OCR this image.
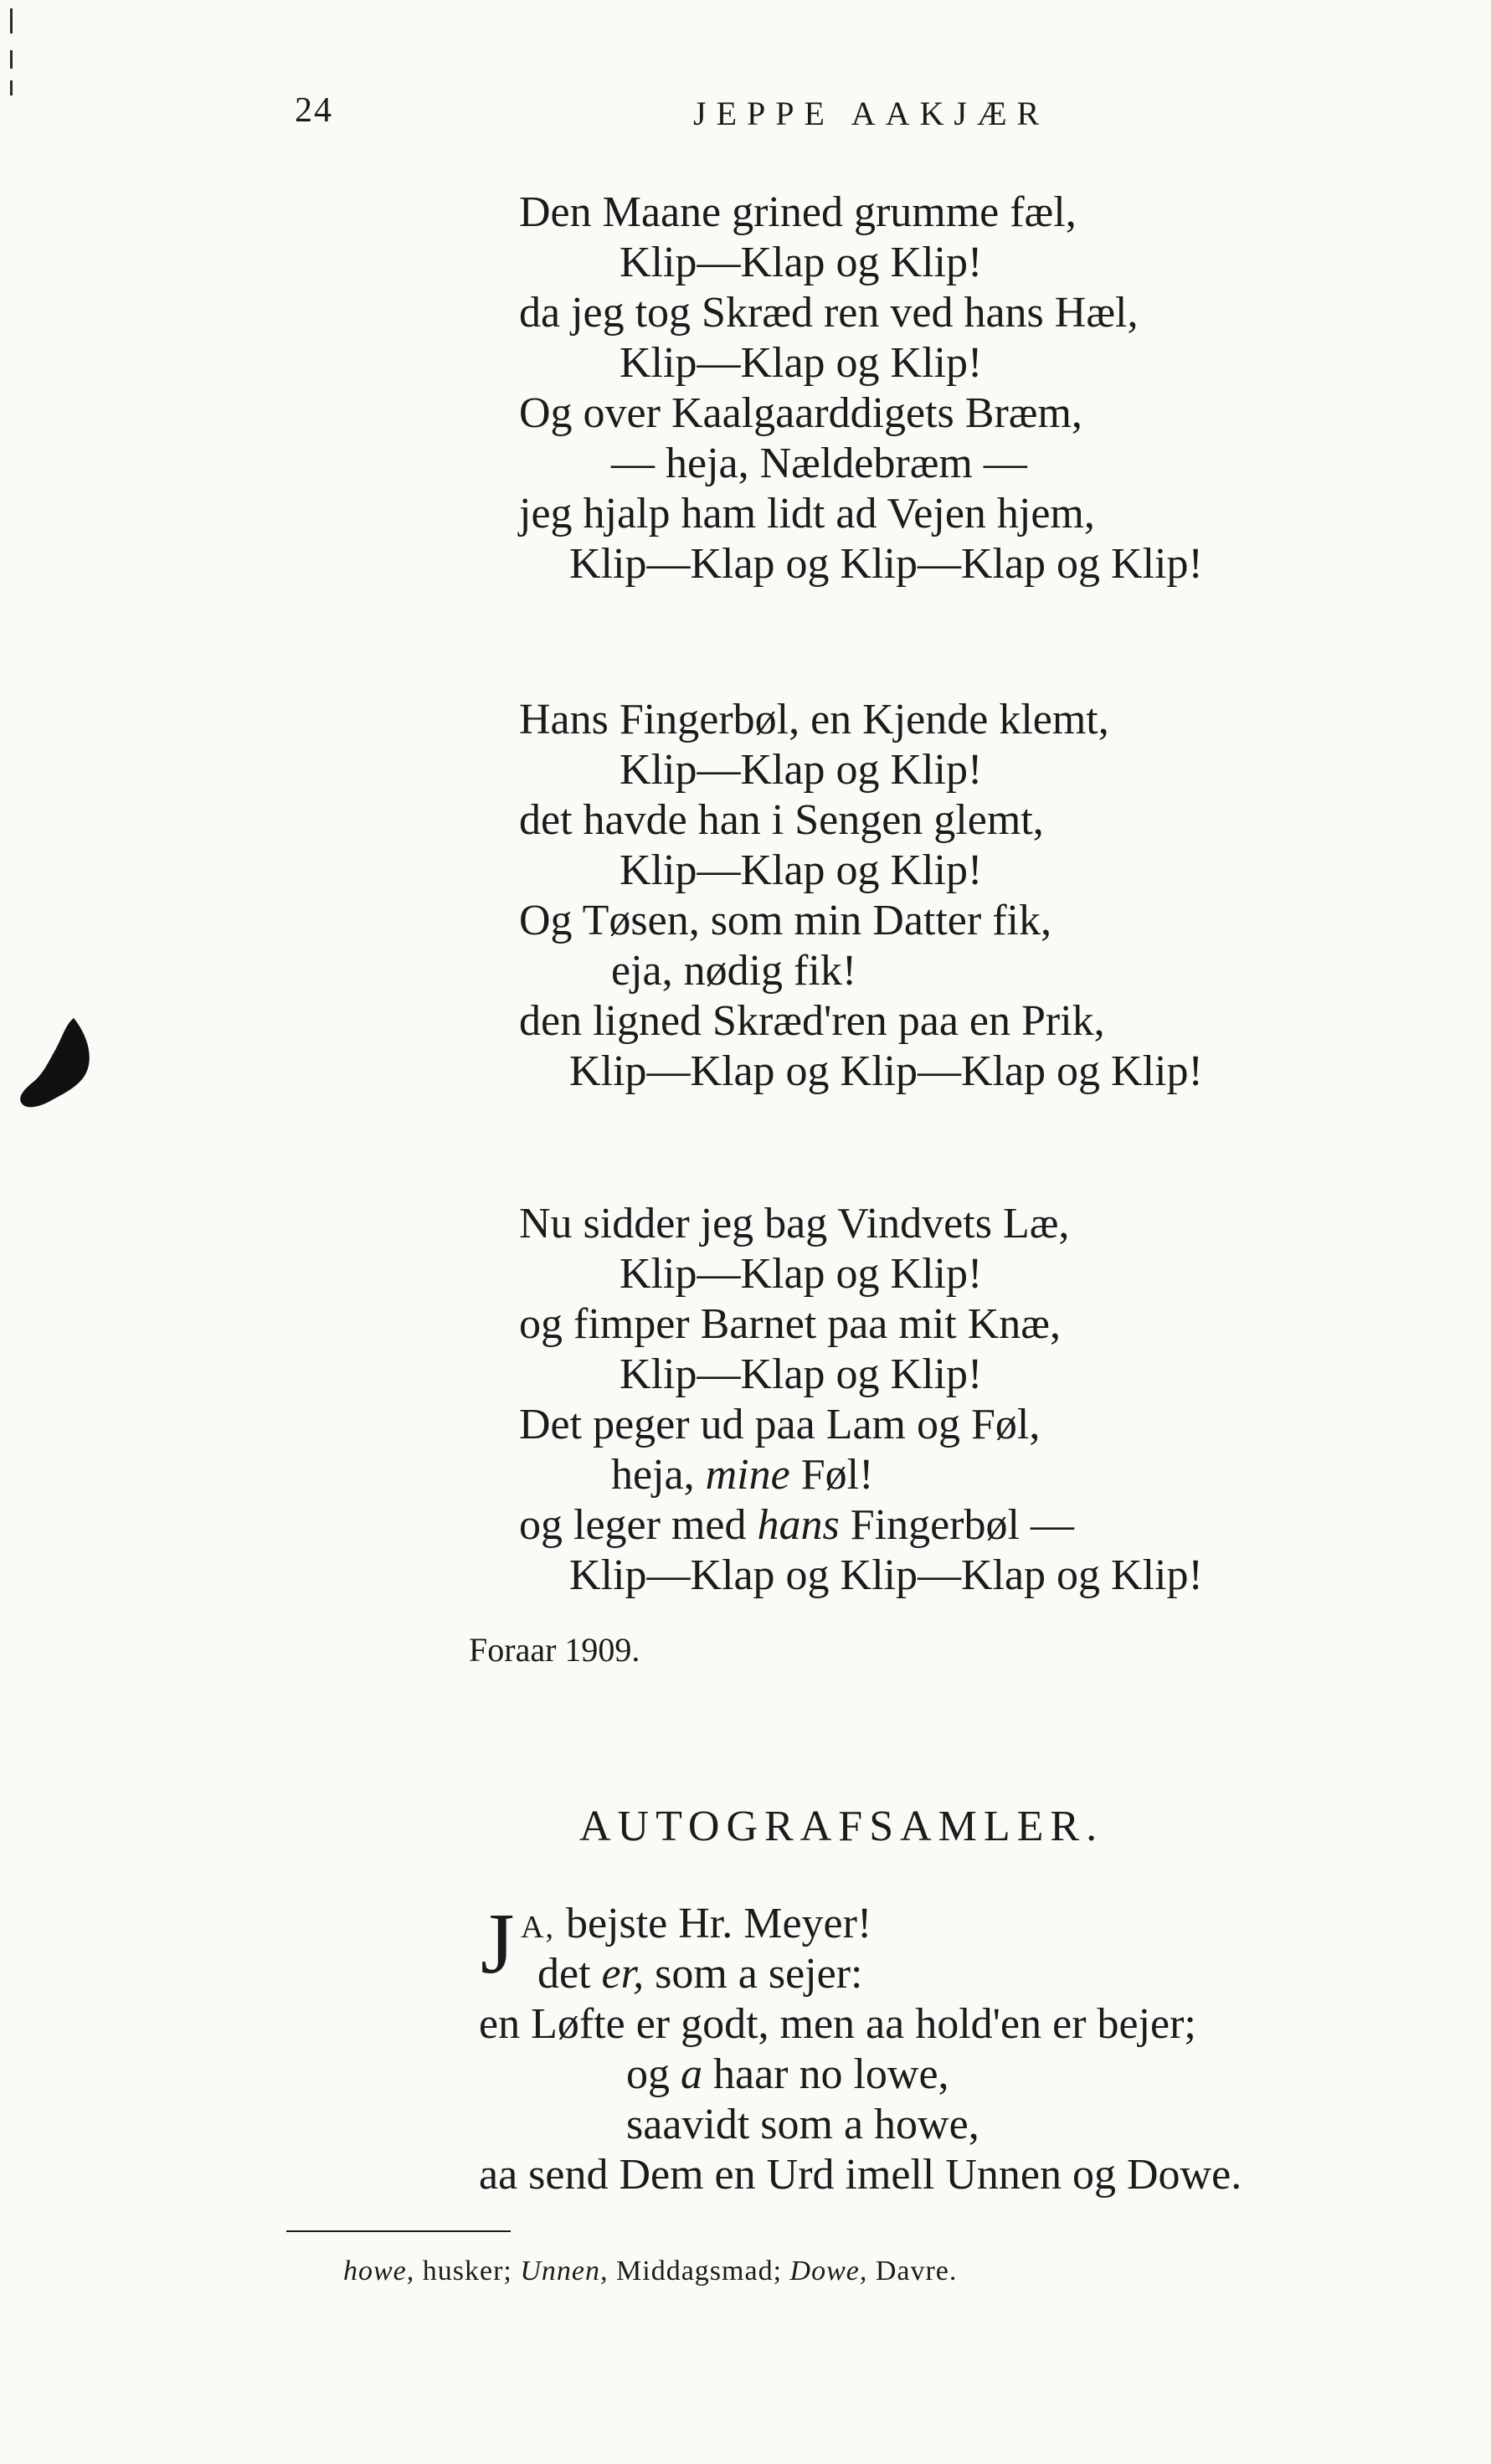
24	JEPPE AAKJÆR
Den Maane grined grumme fæl,
Klip—Klap og Klip!
da jeg tog Skræd ren ved hans Hæl,
Klip—Klap og Klip!
Og over Kaalgaarddigets Bræm,
— heja, Nældebræm —
jeg hjalp ham lidt ad Vejen hjem,
Klip—Klap og Klip—Klap og Klip!
Hans Fingerbøl, en Kjende klemt,
Klip—Klap og Klip!
det havde han i Sengen glemt,
Klip—Klap og Klip!
Og Tøsen, som min Datter fik,
eja, nødig fik!
den ligned Skræd'ren paa en Prik,
Klip—Klap og Klip—Klap og Klip!
Nu sidder jeg bag Vindvets Læ,
Klip—Klap og Klip!
og fimper Barnet paa mit Knæ,
Klip—Klap og Klip!
Det peger ud paa Lam og Føl,
heja, mine Føl!
og leger med hans Fingerbøl —
Klip—Klap og Klip—Klap og Klip!
Foraar 1909.
AUTOGRAFSAMLER.
J A, bejste Hr. Meyer!
det er, som a sejer:
en Løfte er godt, men aa hold'en er bejer;
og a haar no lowe,
saavidt som a howe,
aa send Dem en Urd imell Unnen og Dowe.
howe, husker; Unnen, Middagsmad; Dowe, Davre.
